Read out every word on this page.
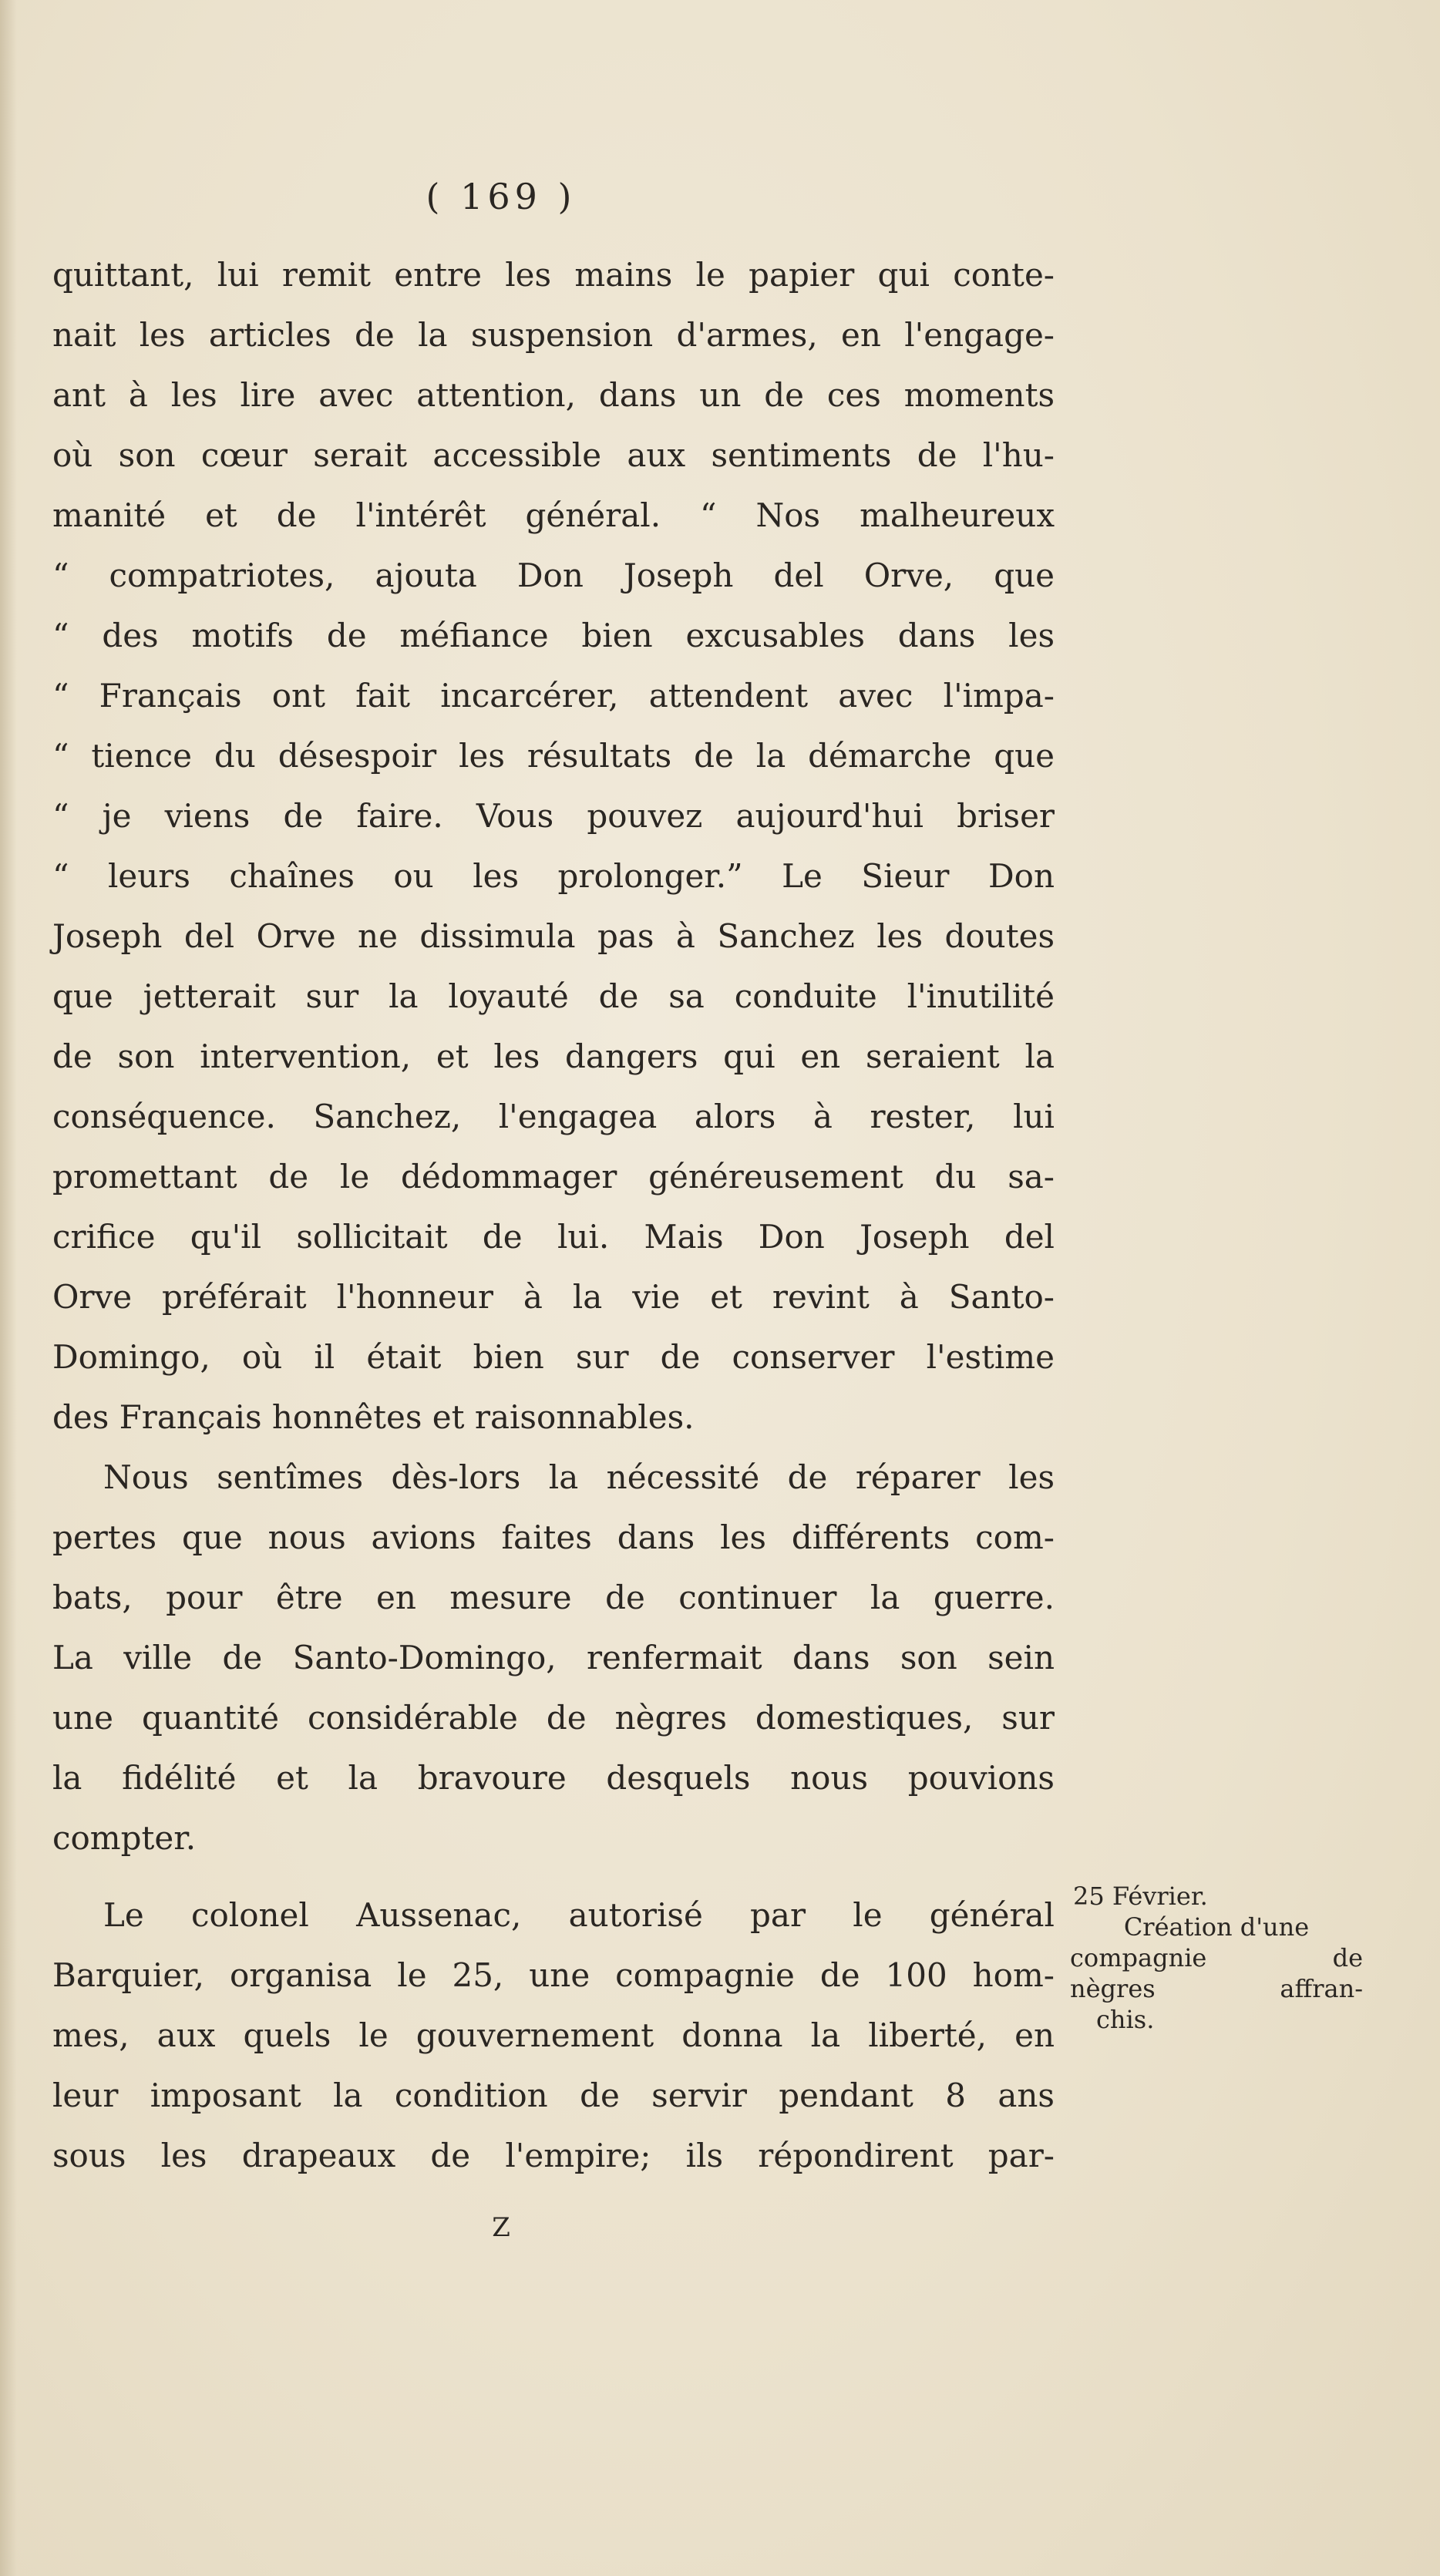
( 169 )
quittant, lui remit entre les mains le papier qui conte-
nait les articles de la suspension d'armes, en l'engage-
ant à les lire avec attention, dans un de ces moments
où son cœur serait accessible aux sentiments de l'hu-
manité et de l'intérêt général. “ Nos malheureux
“ compatriotes, ajouta Don Joseph del Orve, que
“ des motifs de méfiance bien excusables dans les
“ Français ont fait incarcérer, attendent avec l'impa-
“ tience du désespoir les résultats de la démarche que
“ je viens de faire. Vous pouvez aujourd'hui briser
“ leurs chaînes ou les prolonger.” Le Sieur Don
Joseph del Orve ne dissimula pas à Sanchez les doutes
que jetterait sur la loyauté de sa conduite l'inutilité
de son intervention, et les dangers qui en seraient la
conséquence. Sanchez, l'engagea alors à rester, lui
promettant de le dédommager généreusement du sa-
crifice qu'il sollicitait de lui. Mais Don Joseph del
Orve préférait l'honneur à la vie et revint à Santo-
Domingo, où il était bien sur de conserver l'estime
des Français honnêtes et raisonnables.
Nous sentîmes dès-lors la nécessité de réparer les
pertes que nous avions faites dans les différents com-
bats, pour être en mesure de continuer la guerre.
La ville de Santo-Domingo, renfermait dans son sein
une quantité considérable de nègres domestiques, sur
la fidélité et la bravoure desquels nous pouvions
compter.
Le colonel Aussenac, autorisé par le général
Barquier, organisa le 25, une compagnie de 100 hom-
mes, aux quels le gouvernement donna la liberté, en
leur imposant la condition de servir pendant 8 ans
sous les drapeaux de l'empire; ils répondirent par-
25 Février.
Création d'une
compagnie de
nègres affran-
chis.
Z
